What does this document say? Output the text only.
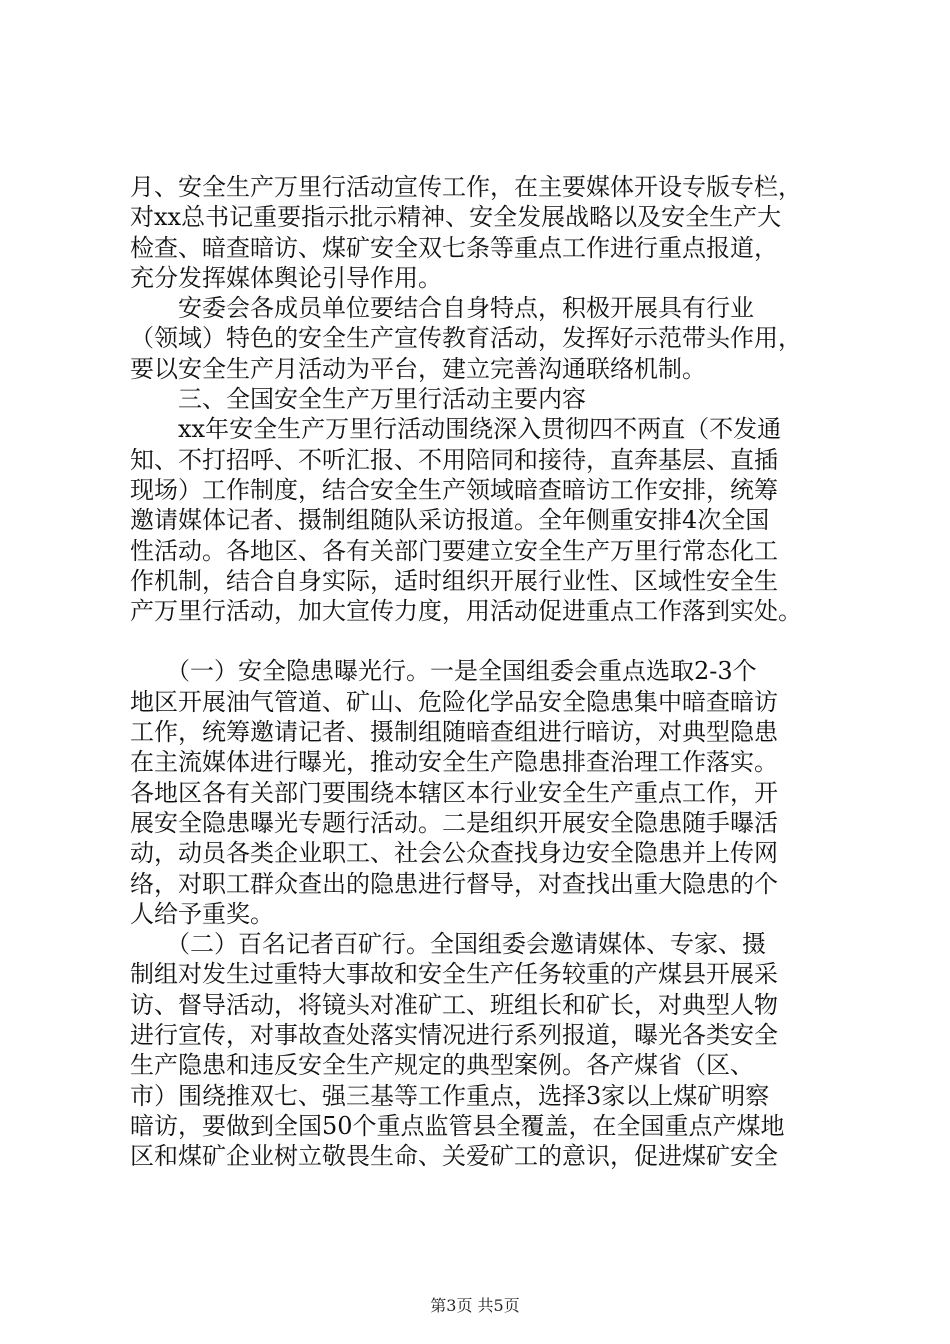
月、安全生产万里行活动宣传工作，在主要媒体开设专版专栏，
对xx总书记重要指示批示精神、安全发展战略以及安全生产大
检查、暗查暗访、煤矿安全双七条等重点工作进行重点报道，
充分发挥媒体舆论引导作用。
　　安委会各成员单位要结合自身特点，积极开展具有行业
（领域）特色的安全生产宣传教育活动，发挥好示范带头作用，
要以安全生产月活动为平台，建立完善沟通联络机制。
　　三、全国安全生产万里行活动主要内容
　　xx年安全生产万里行活动围绕深入贯彻四不两直（不发通
知、不打招呼、不听汇报、不用陪同和接待，直奔基层、直插
现场）工作制度，结合安全生产领域暗查暗访工作安排，统筹
邀请媒体记者、摄制组随队采访报道。全年侧重安排4次全国
性活动。各地区、各有关部门要建立安全生产万里行常态化工
作机制，结合自身实际，适时组织开展行业性、区域性安全生
产万里行活动，加大宣传力度，用活动促进重点工作落到实处。
　　（一）安全隐患曝光行。一是全国组委会重点选取2-3个
地区开展油气管道、矿山、危险化学品安全隐患集中暗查暗访
工作，统筹邀请记者、摄制组随暗查组进行暗访，对典型隐患
在主流媒体进行曝光，推动安全生产隐患排查治理工作落实。
各地区各有关部门要围绕本辖区本行业安全生产重点工作，开
展安全隐患曝光专题行活动。二是组织开展安全隐患随手曝活
动，动员各类企业职工、社会公众查找身边安全隐患并上传网
络，对职工群众查出的隐患进行督导，对查找出重大隐患的个
人给予重奖。
　　（二）百名记者百矿行。全国组委会邀请媒体、专家、摄
制组对发生过重特大事故和安全生产任务较重的产煤县开展采
访、督导活动，将镜头对准矿工、班组长和矿长，对典型人物
进行宣传，对事故查处落实情况进行系列报道，曝光各类安全
生产隐患和违反安全生产规定的典型案例。各产煤省（区、
市）围绕推双七、强三基等工作重点，选择3家以上煤矿明察
暗访，要做到全国50个重点监管县全覆盖，在全国重点产煤地
区和煤矿企业树立敬畏生命、关爱矿工的意识，促进煤矿安全
第3页 共5页
